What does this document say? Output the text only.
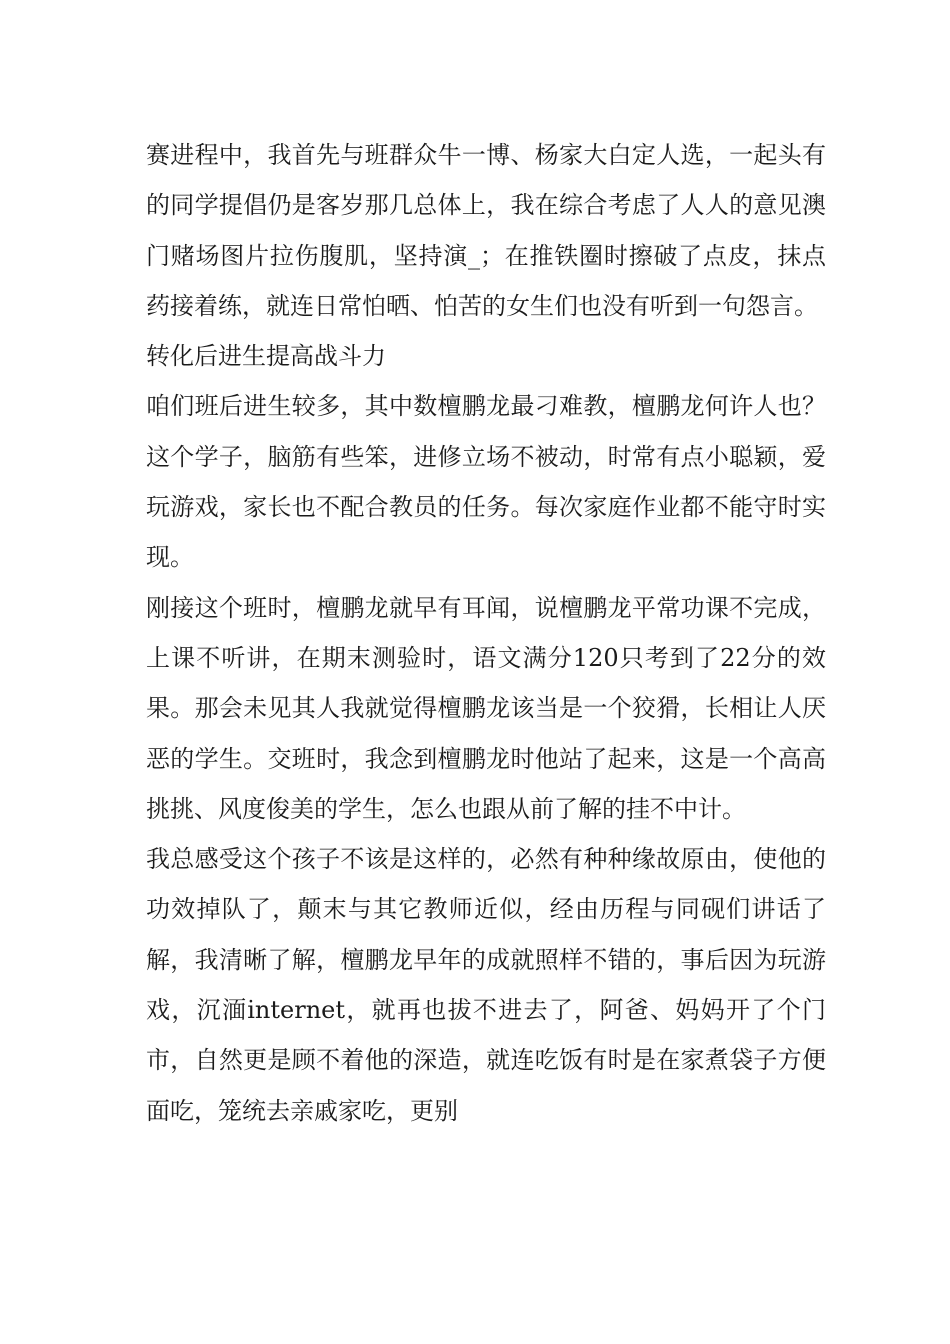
赛进程中，我首先与班群众牛一博、杨家大白定人选，一起头有的同学提倡仍是客岁那几总体上，我在综合考虑了人人的意见澳门赌场图片拉伤腹肌，坚持演_；在推铁圈时擦破了点皮，抹点药接着练，就连日常怕晒、怕苦的女生们也没有听到一句怨言。

转化后进生提高战斗力

咱们班后进生较多，其中数檀鹏龙最刁难教，檀鹏龙何许人也？这个学子，脑筋有些笨，进修立场不被动，时常有点小聪颖，爱玩游戏，家长也不配合教员的任务。每次家庭作业都不能守时实现。

刚接这个班时，檀鹏龙就早有耳闻，说檀鹏龙平常功课不完成，上课不听讲，在期末测验时，语文满分120只考到了22分的效果。那会未见其人我就觉得檀鹏龙该当是一个狡猾，长相让人厌恶的学生。交班时，我念到檀鹏龙时他站了起来，这是一个高高挑挑、风度俊美的学生，怎么也跟从前了解的挂不中计。

我总感受这个孩子不该是这样的，必然有种种缘故原由，使他的功效掉队了，颠末与其它教师近似，经由历程与同砚们讲话了解，我清晰了解，檀鹏龙早年的成就照样不错的，事后因为玩游戏，沉湎internet，就再也拔不进去了，阿爸、妈妈开了个门市，自然更是顾不着他的深造，就连吃饭有时是在家煮袋子方便面吃，笼统去亲戚家吃，更别
